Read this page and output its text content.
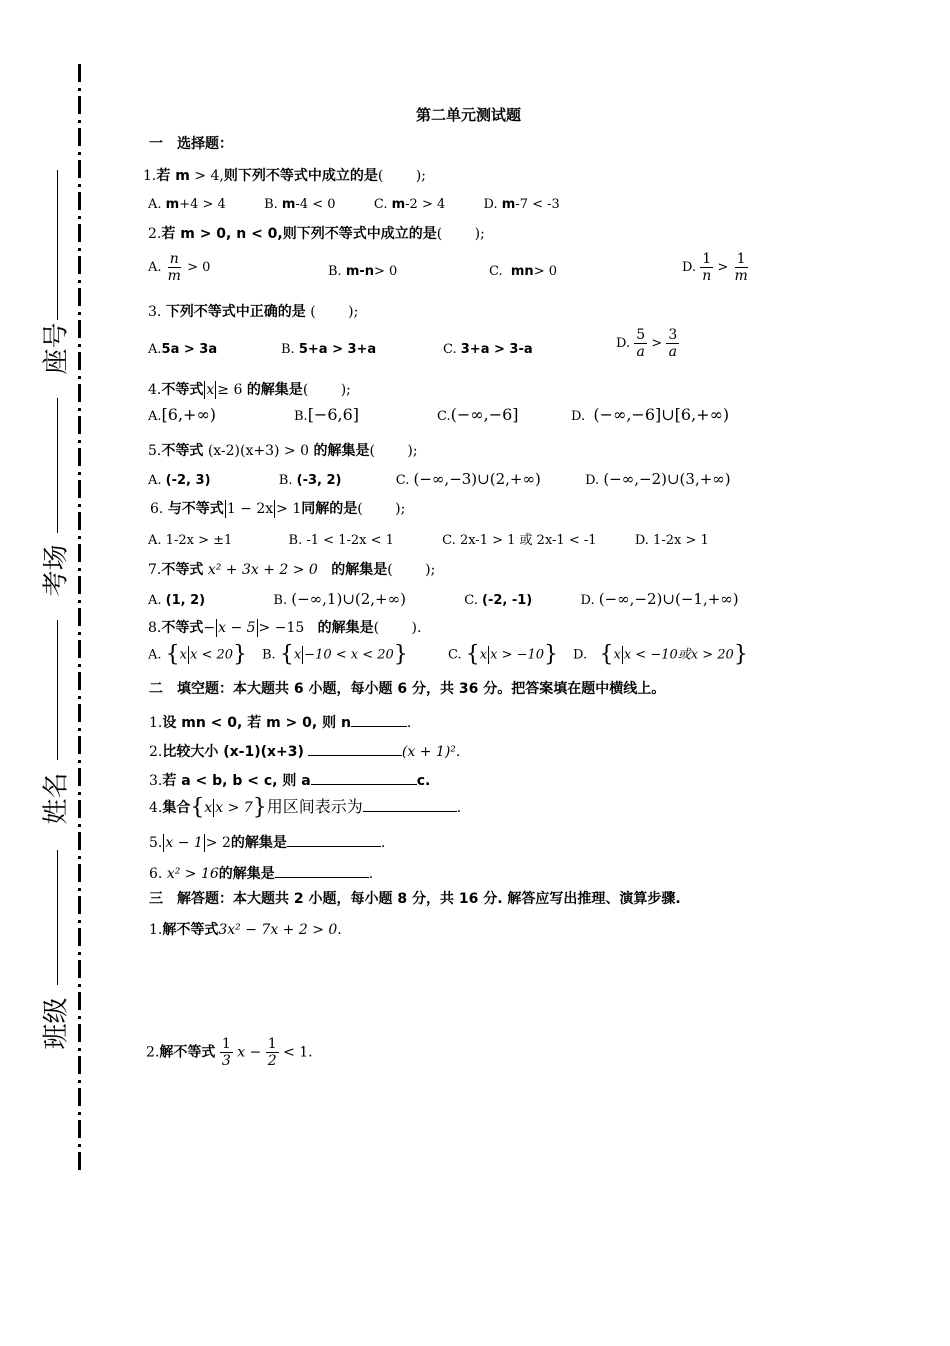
座号
考场
姓名
班级
第二单元测试题
一　选择题：
1.若 m > 4,则下列不等式中成立的是(　　 );
A. m+4 > 4	B. m-4 < 0	C. m-2 > 4	D. m-7 < -3
2.若 m > 0, n < 0,则下列不等式中成立的是(　　 );
A. $\frac{n}{m} > 0$	B. m-n> 0	C. mn> 0	D. $\frac{1}{n} > \frac{1}{m}$
3. 下列不等式中正确的是 (　　 );
A.5a > 3a	B. 5+a > 3+a	C. 3+a > 3-a	D. $\frac{5}{a} > \frac{3}{a}$
4.不等式 x ≥ 6 的解集是(　　 );
A.[6,+∞)	B.[−6,6]	C.(−∞,−6]	D. (−∞,−6]∪[6,+∞)
5.不等式 (x-2)(x+3) > 0 的解集是(　　 );
A. (-2, 3)	B. (-3, 2)	C. (−∞,−3)∪(2,+∞)	D. (−∞,−2)∪(3,+∞)
6. 与不等式 1 − 2x > 1同解的是(　　 );
A. 1-2x > ±1	B. -1 < 1-2x < 1	C. 2x-1 > 1 或 2x-1 < -1	D. 1-2x > 1
7.不等式 x² + 3x + 2 > 0 的解集是(　　 );
A. (1, 2)	B. (−∞,1)∪(2,+∞)	C. (-2, -1)	D. (−∞,−2)∪(−1,+∞)
8.不等式− x − 5 > −15 的解集是(　　 ).
A. {x x < 20} B. {x −10 < x < 20}	C. {x x > −10} D. {x x < −10或x > 20}
二　填空题：本大题共 6 小题，每小题 6 分，共 36 分。把答案填在题中横线上。
1.设 mn < 0, 若 m > 0, 则 n	.
2.比较大小 (x-1)(x+3)	(x + 1)².
3.若 a < b, b < c, 则 a	c.
4.集合{x x > 7}用区间表示为	.
5. x − 1 > 2的解集是	.
6. x² > 16的解集是	.
三　解答题：本大题共 2 小题，每小题 8 分，共 16 分. 解答应写出推理、演算步骤.
1.解不等式3x² − 7x + 2 > 0.
2.解不等式 $\frac{1}{3}$ $x - \frac{1}{2} < 1$.
